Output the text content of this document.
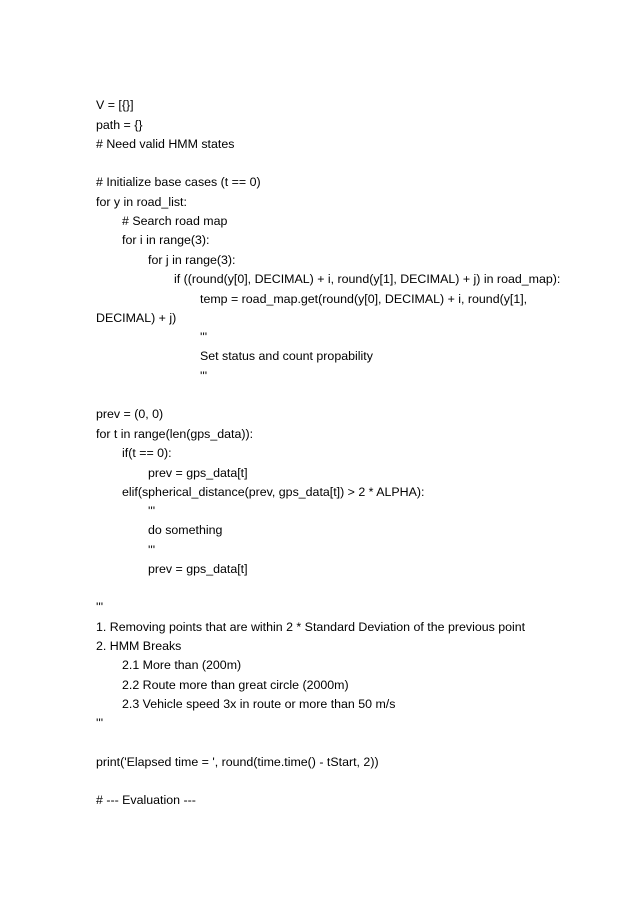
V = [{}]
path = {}
# Need valid HMM states
# Initialize base cases (t == 0)
for y in road_list:
# Search road map
for i in range(3):
for j in range(3):
if ((round(y[0], DECIMAL) + i, round(y[1], DECIMAL) + j) in road_map):
temp = road_map.get(round(y[0], DECIMAL) + i, round(y[1],
DECIMAL) + j)
'''
Set status and count propability
'''
prev = (0, 0)
for t in range(len(gps_data)):
if(t == 0):
prev = gps_data[t]
elif(spherical_distance(prev, gps_data[t]) > 2 * ALPHA):
'''
do something
'''
prev = gps_data[t]
'''
1. Removing points that are within 2 * Standard Deviation of the previous point
2. HMM Breaks
2.1 More than (200m)
2.2 Route more than great circle (2000m)
2.3 Vehicle speed 3x in route or more than 50 m/s
'''
print('Elapsed time = ', round(time.time() - tStart, 2))
# --- Evaluation ---
